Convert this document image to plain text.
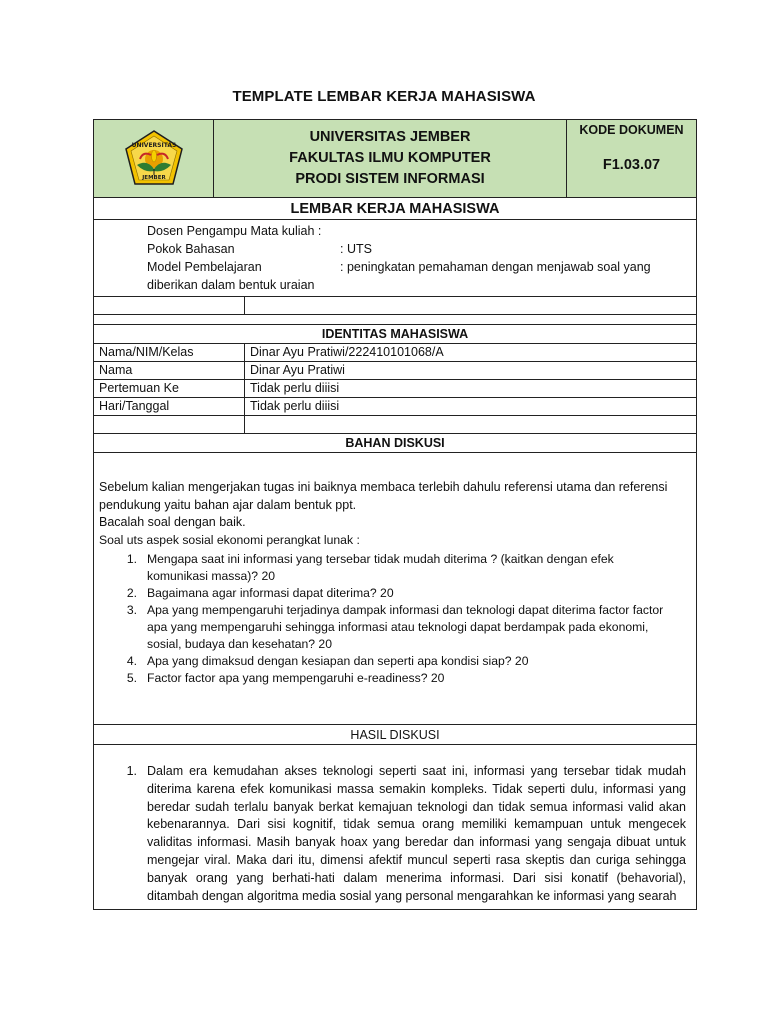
TEMPLATE LEMBAR KERJA MAHASISWA
UNIVERSITAS
JEMBER
UNIVERSITAS JEMBER
FAKULTAS ILMU KOMPUTER
PRODI SISTEM INFORMASI
KODE DOKUMEN
F1.03.07
LEMBAR KERJA MAHASISWA
Dosen Pengampu Mata kuliah :
Pokok Bahasan	: UTS
Model Pembelajaran	: peningkatan pemahaman dengan menjawab soal yang
diberikan dalam bentuk uraian
IDENTITAS MAHASISWA
Nama/NIM/Kelas	Dinar Ayu Pratiwi/222410101068/A
Nama	Dinar Ayu Pratiwi
Pertemuan Ke	Tidak perlu diiisi
Hari/Tanggal	Tidak perlu diiisi
BAHAN DISKUSI

Sebelum kalian mengerjakan tugas ini baiknya membaca terlebih dahulu referensi utama dan referensi pendukung yaitu bahan ajar dalam bentuk ppt.

Bacalah soal dengan baik.

Soal uts aspek sosial ekonomi perangkat lunak :

1. Mengapa saat ini informasi yang tersebar tidak mudah diterima ? (kaitkan dengan efek komunikasi massa)? 20
2. Bagaimana agar informasi dapat diterima? 20
3. Apa yang mempengaruhi terjadinya dampak informasi dan teknologi dapat diterima factor factor apa yang mempengaruhi sehingga informasi atau teknologi dapat berdampak pada ekonomi, sosial, budaya dan kesehatan? 20
4. Apa yang dimaksud dengan kesiapan dan seperti apa kondisi siap? 20
5. Factor factor apa yang mempengaruhi e-readiness? 20
HASIL DISKUSI
1. Dalam era kemudahan akses teknologi seperti saat ini, informasi yang tersebar tidak mudah diterima karena efek komunikasi massa semakin kompleks. Tidak seperti dulu, informasi yang beredar sudah terlalu banyak berkat kemajuan teknologi dan tidak semua informasi valid akan kebenarannya. Dari sisi kognitif, tidak semua orang memiliki kemampuan untuk mengecek validitas informasi. Masih banyak hoax yang beredar dan informasi yang sengaja dibuat untuk mengejar viral. Maka dari itu, dimensi afektif muncul seperti rasa skeptis dan curiga sehingga banyak orang yang berhati-hati dalam menerima informasi. Dari sisi konatif (behavorial), ditambah dengan algoritma media sosial yang personal mengarahkan ke informasi yang searah
